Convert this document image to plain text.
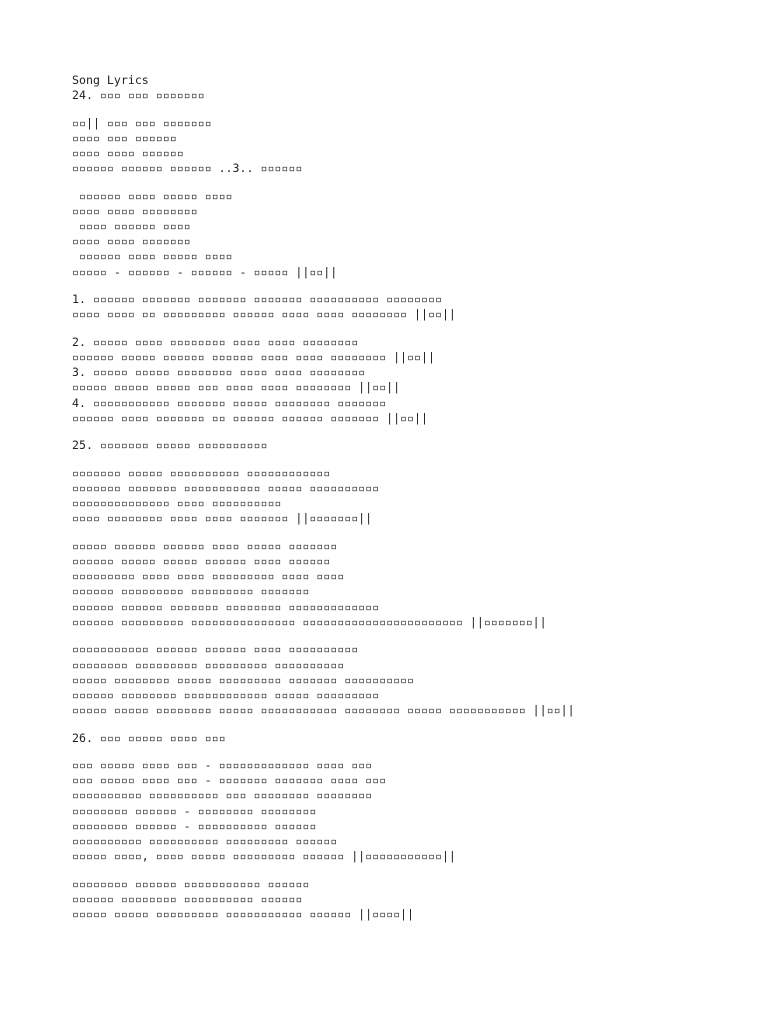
Song Lyrics
24. ▫▫▫ ▫▫▫ ▫▫▫▫▫▫▫
▫▫|| ▫▫▫ ▫▫▫ ▫▫▫▫▫▫▫
▫▫▫▫ ▫▫▫ ▫▫▫▫▫▫
▫▫▫▫ ▫▫▫▫ ▫▫▫▫▫▫
▫▫▫▫▫▫ ▫▫▫▫▫▫ ▫▫▫▫▫▫ ..3.. ▫▫▫▫▫▫
▫▫▫▫▫▫ ▫▫▫▫ ▫▫▫▫▫ ▫▫▫▫
▫▫▫▫ ▫▫▫▫ ▫▫▫▫▫▫▫▫
▫▫▫▫ ▫▫▫▫▫▫ ▫▫▫▫
▫▫▫▫ ▫▫▫▫ ▫▫▫▫▫▫▫
▫▫▫▫▫▫ ▫▫▫▫ ▫▫▫▫▫ ▫▫▫▫
▫▫▫▫▫ - ▫▫▫▫▫▫ - ▫▫▫▫▫▫ - ▫▫▫▫▫ ||▫▫||
1. ▫▫▫▫▫▫ ▫▫▫▫▫▫▫ ▫▫▫▫▫▫▫ ▫▫▫▫▫▫▫ ▫▫▫▫▫▫▫▫▫▫ ▫▫▫▫▫▫▫▫
▫▫▫▫ ▫▫▫▫ ▫▫ ▫▫▫▫▫▫▫▫▫ ▫▫▫▫▫▫ ▫▫▫▫ ▫▫▫▫ ▫▫▫▫▫▫▫▫ ||▫▫||
2. ▫▫▫▫▫ ▫▫▫▫ ▫▫▫▫▫▫▫▫ ▫▫▫▫ ▫▫▫▫ ▫▫▫▫▫▫▫▫
▫▫▫▫▫▫ ▫▫▫▫▫ ▫▫▫▫▫▫ ▫▫▫▫▫▫ ▫▫▫▫ ▫▫▫▫ ▫▫▫▫▫▫▫▫ ||▫▫||
3. ▫▫▫▫▫ ▫▫▫▫▫ ▫▫▫▫▫▫▫▫ ▫▫▫▫ ▫▫▫▫ ▫▫▫▫▫▫▫▫
▫▫▫▫▫ ▫▫▫▫▫ ▫▫▫▫▫ ▫▫▫ ▫▫▫▫ ▫▫▫▫ ▫▫▫▫▫▫▫▫ ||▫▫||
4. ▫▫▫▫▫▫▫▫▫▫▫ ▫▫▫▫▫▫▫ ▫▫▫▫▫ ▫▫▫▫▫▫▫▫ ▫▫▫▫▫▫▫
▫▫▫▫▫▫ ▫▫▫▫ ▫▫▫▫▫▫▫ ▫▫ ▫▫▫▫▫▫ ▫▫▫▫▫▫ ▫▫▫▫▫▫▫ ||▫▫||
25. ▫▫▫▫▫▫▫ ▫▫▫▫▫ ▫▫▫▫▫▫▫▫▫▫
▫▫▫▫▫▫▫ ▫▫▫▫▫ ▫▫▫▫▫▫▫▫▫▫ ▫▫▫▫▫▫▫▫▫▫▫▫
▫▫▫▫▫▫▫ ▫▫▫▫▫▫▫ ▫▫▫▫▫▫▫▫▫▫▫ ▫▫▫▫▫ ▫▫▫▫▫▫▫▫▫▫
▫▫▫▫▫▫▫▫▫▫▫▫▫▫ ▫▫▫▫ ▫▫▫▫▫▫▫▫▫▫
▫▫▫▫ ▫▫▫▫▫▫▫▫ ▫▫▫▫ ▫▫▫▫ ▫▫▫▫▫▫▫ ||▫▫▫▫▫▫▫||
▫▫▫▫▫ ▫▫▫▫▫▫ ▫▫▫▫▫▫ ▫▫▫▫ ▫▫▫▫▫ ▫▫▫▫▫▫▫
▫▫▫▫▫▫ ▫▫▫▫▫ ▫▫▫▫▫ ▫▫▫▫▫▫ ▫▫▫▫ ▫▫▫▫▫▫
▫▫▫▫▫▫▫▫▫ ▫▫▫▫ ▫▫▫▫ ▫▫▫▫▫▫▫▫▫ ▫▫▫▫ ▫▫▫▫
▫▫▫▫▫▫ ▫▫▫▫▫▫▫▫▫ ▫▫▫▫▫▫▫▫▫ ▫▫▫▫▫▫▫
▫▫▫▫▫▫ ▫▫▫▫▫▫ ▫▫▫▫▫▫▫ ▫▫▫▫▫▫▫▫ ▫▫▫▫▫▫▫▫▫▫▫▫▫
▫▫▫▫▫▫ ▫▫▫▫▫▫▫▫▫ ▫▫▫▫▫▫▫▫▫▫▫▫▫▫▫ ▫▫▫▫▫▫▫▫▫▫▫▫▫▫▫▫▫▫▫▫▫▫▫ ||▫▫▫▫▫▫▫||
▫▫▫▫▫▫▫▫▫▫▫ ▫▫▫▫▫▫ ▫▫▫▫▫▫ ▫▫▫▫ ▫▫▫▫▫▫▫▫▫▫
▫▫▫▫▫▫▫▫ ▫▫▫▫▫▫▫▫▫ ▫▫▫▫▫▫▫▫▫ ▫▫▫▫▫▫▫▫▫▫
▫▫▫▫▫ ▫▫▫▫▫▫▫▫ ▫▫▫▫▫ ▫▫▫▫▫▫▫▫▫ ▫▫▫▫▫▫▫ ▫▫▫▫▫▫▫▫▫▫
▫▫▫▫▫▫ ▫▫▫▫▫▫▫▫ ▫▫▫▫▫▫▫▫▫▫▫▫ ▫▫▫▫▫ ▫▫▫▫▫▫▫▫▫
▫▫▫▫▫ ▫▫▫▫▫ ▫▫▫▫▫▫▫▫ ▫▫▫▫▫ ▫▫▫▫▫▫▫▫▫▫▫ ▫▫▫▫▫▫▫▫ ▫▫▫▫▫ ▫▫▫▫▫▫▫▫▫▫▫ ||▫▫||
26. ▫▫▫ ▫▫▫▫▫ ▫▫▫▫ ▫▫▫
▫▫▫ ▫▫▫▫▫ ▫▫▫▫ ▫▫▫ - ▫▫▫▫▫▫▫▫▫▫▫▫▫ ▫▫▫▫ ▫▫▫
▫▫▫ ▫▫▫▫▫ ▫▫▫▫ ▫▫▫ - ▫▫▫▫▫▫▫ ▫▫▫▫▫▫▫ ▫▫▫▫ ▫▫▫
▫▫▫▫▫▫▫▫▫▫ ▫▫▫▫▫▫▫▫▫▫ ▫▫▫ ▫▫▫▫▫▫▫▫ ▫▫▫▫▫▫▫▫
▫▫▫▫▫▫▫▫ ▫▫▫▫▫▫ - ▫▫▫▫▫▫▫▫ ▫▫▫▫▫▫▫▫
▫▫▫▫▫▫▫▫ ▫▫▫▫▫▫ - ▫▫▫▫▫▫▫▫▫▫ ▫▫▫▫▫▫
▫▫▫▫▫▫▫▫▫▫ ▫▫▫▫▫▫▫▫▫▫ ▫▫▫▫▫▫▫▫▫ ▫▫▫▫▫▫
▫▫▫▫▫ ▫▫▫▫, ▫▫▫▫ ▫▫▫▫▫ ▫▫▫▫▫▫▫▫▫ ▫▫▫▫▫▫ ||▫▫▫▫▫▫▫▫▫▫▫||
▫▫▫▫▫▫▫▫ ▫▫▫▫▫▫ ▫▫▫▫▫▫▫▫▫▫▫ ▫▫▫▫▫▫
▫▫▫▫▫▫ ▫▫▫▫▫▫▫▫ ▫▫▫▫▫▫▫▫▫▫ ▫▫▫▫▫▫
▫▫▫▫▫ ▫▫▫▫▫ ▫▫▫▫▫▫▫▫▫ ▫▫▫▫▫▫▫▫▫▫▫ ▫▫▫▫▫▫ ||▫▫▫▫||
